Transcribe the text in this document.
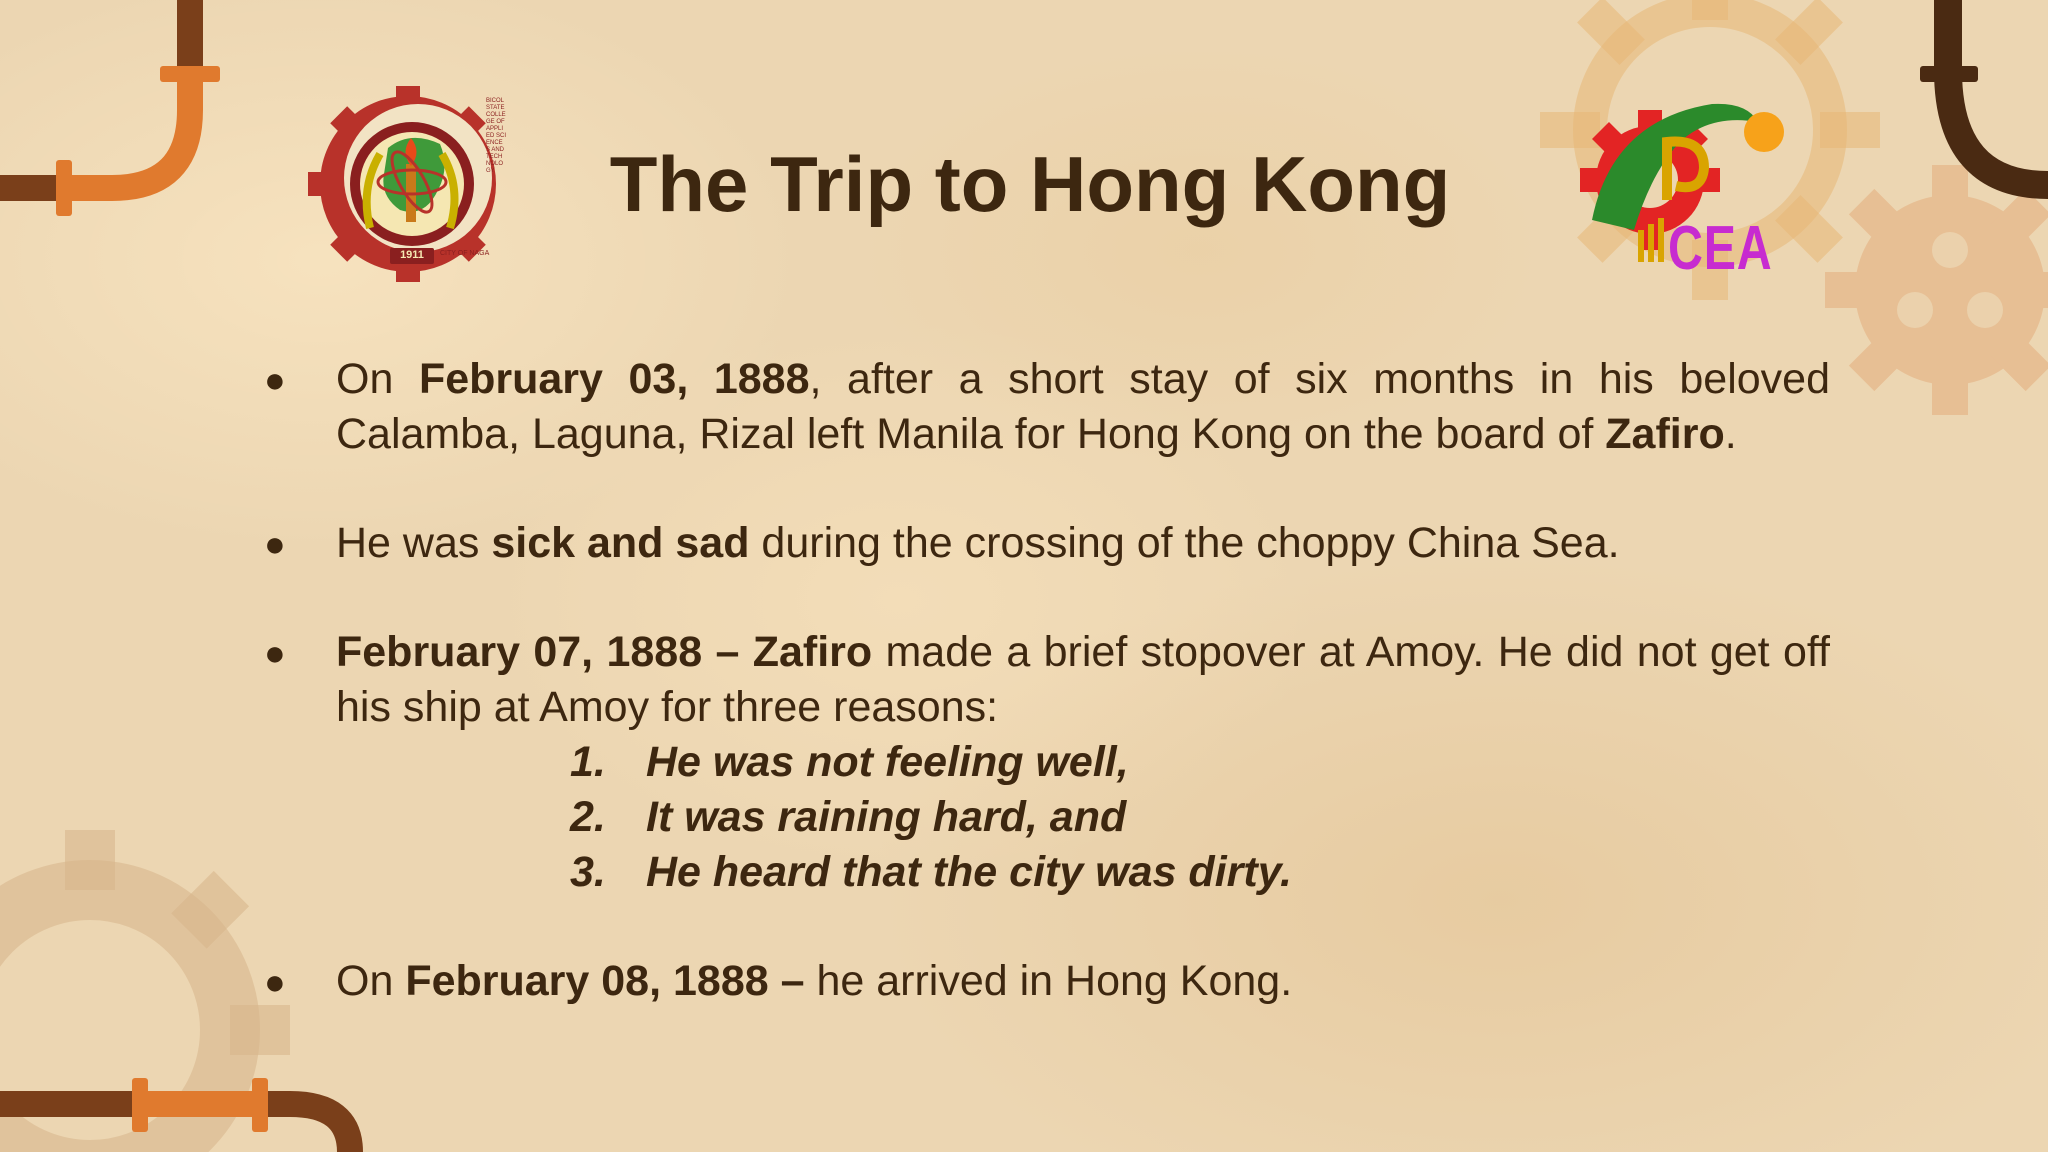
1911
BICOL STATE COLLEGE OF APPLIED SCIENCES AND TECHNOLOGY
CITY OF NAGA	CEA
The Trip to Hong Kong
● On February 03, 1888, after a short stay of six months in his beloved Calamba, Laguna, Rizal left Manila for Hong Kong on the board of Zafiro.
● He was sick and sad during the crossing of the choppy China Sea.
● February 07, 1888 – Zafiro made a brief stopover at Amoy. He did not get off his ship at Amoy for three reasons:
1. He was not feeling well,
2. It was raining hard, and
3. He heard that the city was dirty.
● On February 08, 1888 – he arrived in Hong Kong.
